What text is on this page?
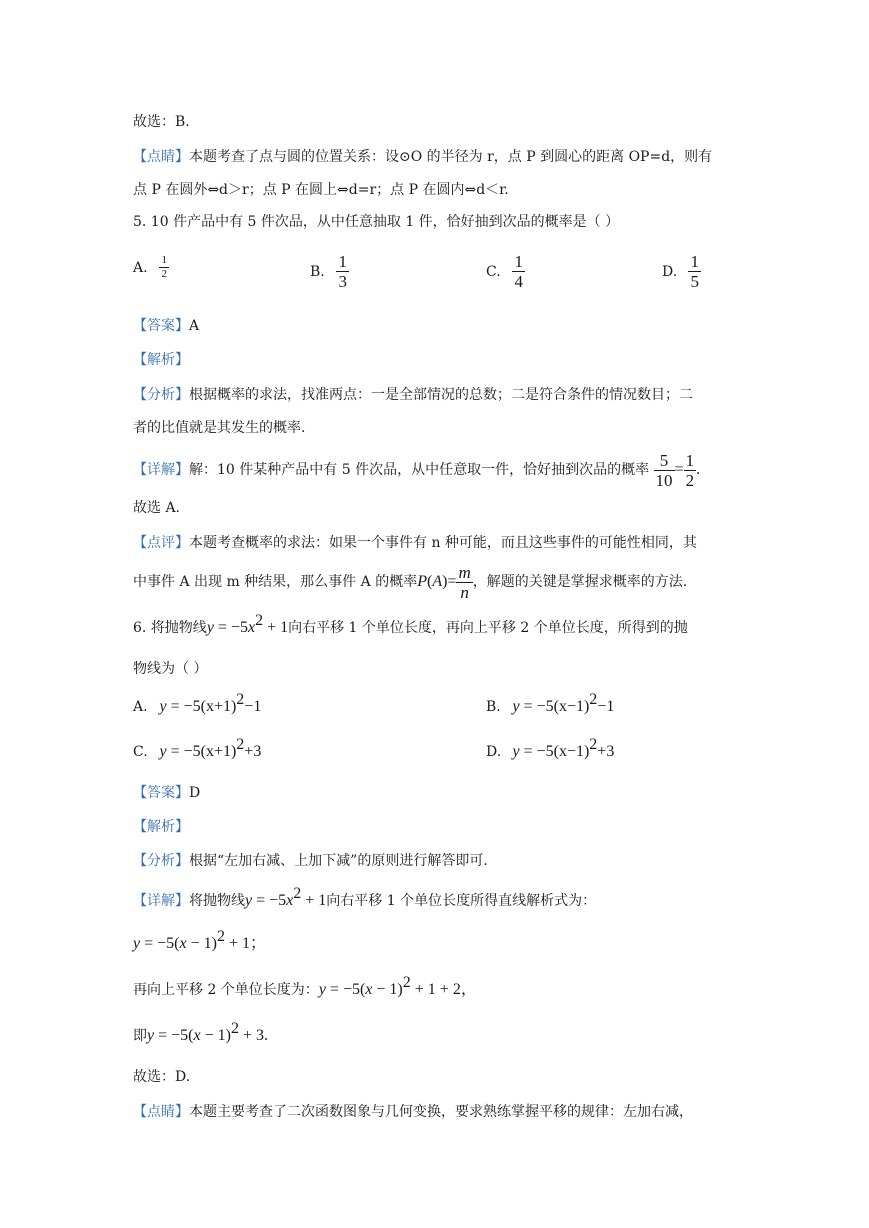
故选：B.
【点睛】本题考查了点与圆的位置关系：设⊙O 的半径为 r，点 P 到圆心的距离 OP=d，则有
点 P 在圆外⇔d＞r；点 P 在圆上⇔d=r；点 P 在圆内⇔d＜r.
5. 10 件产品中有 5 件次品，从中任意抽取 1 件，恰好抽到次品的概率是（ ）
A. $\frac{1}{2}$	B. $\frac{1}{3}$	C. $\frac{1}{4}$	D. $\frac{1}{5}$
【答案】A
【解析】
【分析】根据概率的求法，找准两点：一是全部情况的总数；二是符合条件的情况数目；二
者的比值就是其发生的概率.
【详解】解：10 件某种产品中有 5 件次品，从中任意取一件，恰好抽到次品的概率 $\frac{5}{10} = \frac{1}{2}$ .
故选 A.
【点评】本题考查概率的求法：如果一个事件有 n 种可能，而且这些事件的可能性相同，其
中事件 A 出现 m 种结果，那么事件 A 的概率$P(A)= \frac{m}{n}$ ，解题的关键是掌握求概率的方法.
6. 将抛物线$y = -5x^2 + 1$向右平移 1 个单位长度，再向上平移 2 个单位长度，所得到的抛
物线为（ ）
A. $y = -5(x+1)^2-1$	B. $y = -5(x-1)^2-1$
C. $y = -5(x+1)^2+3$	D. $y = -5(x-1)^2+3$
【答案】D
【解析】
【分析】根据“左加右减、上加下减”的原则进行解答即可.
【详解】将抛物线$y = -5x^2 + 1$向右平移 1 个单位长度所得直线解析式为：
$y = -5(x - 1)^2 + 1$；
再向上平移 2 个单位长度为：$y = -5(x - 1)^2 + 1 + 2$，
即$y = -5(x - 1)^2 + 3$.
故选：D.
【点睛】本题主要考查了二次函数图象与几何变换，要求熟练掌握平移的规律：左加右减，
